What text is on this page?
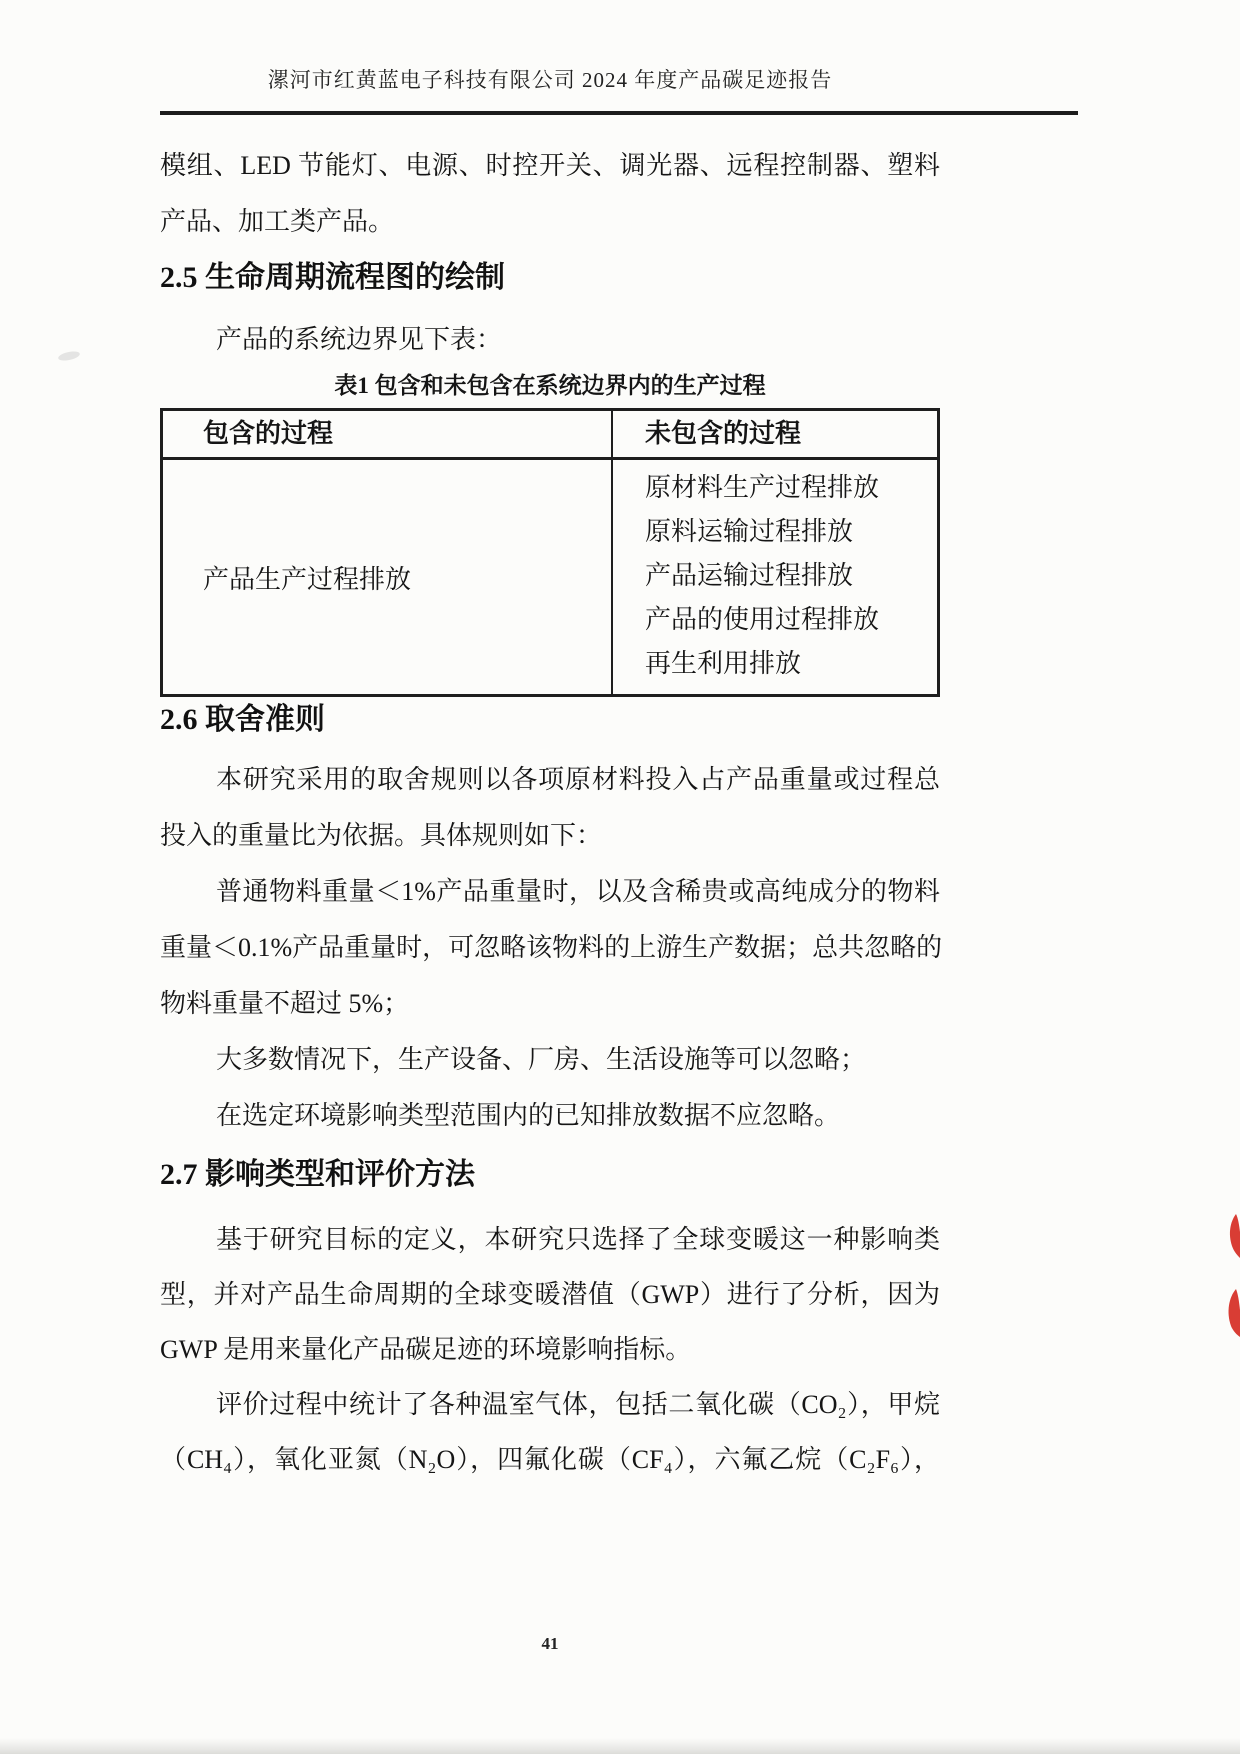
漯河市红黄蓝电子科技有限公司 2024 年度产品碳足迹报告
模组、LED 节能灯、电源、时控开关、调光器、远程控制器、塑料
产品、加工类产品。
2.5 生命周期流程图的绘制
产品的系统边界见下表：
表1 包含和未包含在系统边界内的生产过程
包含的过程	未包含的过程
产品生产过程排放
原材料生产过程排放
原料运输过程排放
产品运输过程排放
产品的使用过程排放
再生利用排放
2.6 取舍准则
本研究采用的取舍规则以各项原材料投入占产品重量或过程总
投入的重量比为依据。具体规则如下：
普通物料重量＜1%产品重量时，以及含稀贵或高纯成分的物料
重量＜0.1%产品重量时，可忽略该物料的上游生产数据；总共忽略的
物料重量不超过 5%；
大多数情况下，生产设备、厂房、生活设施等可以忽略；
在选定环境影响类型范围内的已知排放数据不应忽略。
2.7 影响类型和评价方法
基于研究目标的定义，本研究只选择了全球变暖这一种影响类
型，并对产品生命周期的全球变暖潜值（GWP）进行了分析，因为
GWP 是用来量化产品碳足迹的环境影响指标。
评价过程中统计了各种温室气体，包括二氧化碳（CO₂），甲烷
（CH₄），氧化亚氮（N₂O），四氟化碳（CF₄），六氟乙烷（C₂F₆），
41
